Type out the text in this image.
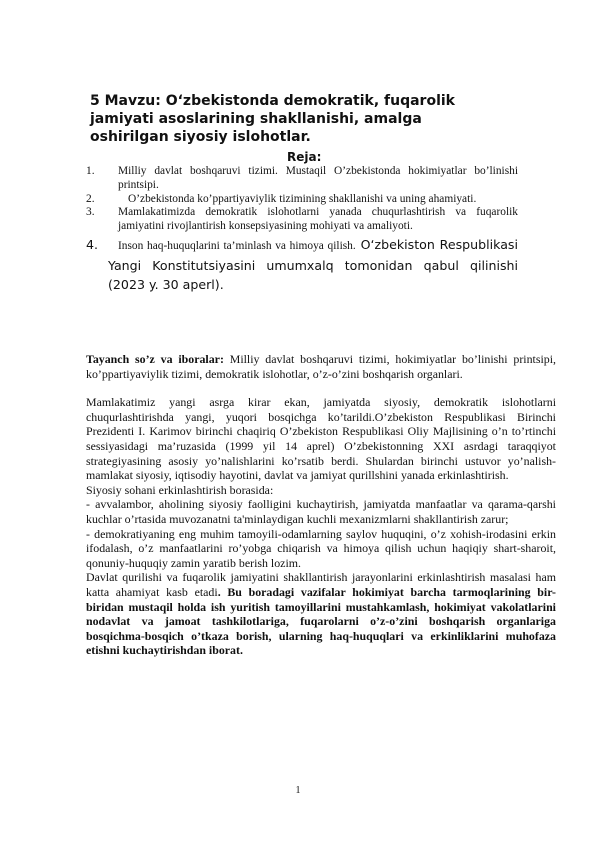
5 Mavzu: O‘zbekistonda demokratik, fuqarolik jamiyati asoslarining shakllanishi, amalga oshirilgan siyosiy islohotlar.
Reja:
1. Milliy davlat boshqaruvi tizimi. Mustaqil O’zbekistonda hokimiyatlar bo’linishi printsipi.
2.	O’zbekistonda ko’ppartiyaviylik tizimining shakllanishi va uning ahamiyati.
3. Mamlakatimizda demokratik islohotlarni yanada chuqurlashtirish va fuqarolik jamiyatini rivojlantirish konsepsiyasining mohiyati va amaliyoti.
4.	Inson haq-huquqlarini ta’minlash va himoya qilish. O‘zbekiston Respublikasi Yangi Konstitutsiyasini umumxalq tomonidan qabul qilinishi (2023 y. 30 aperl).

Tayanch so’z va iboralar: Milliy davlat boshqaruvi tizimi, hokimiyatlar bo’linishi printsipi, ko’ppartiyaviylik tizimi, demokratik islohotlar, o’z-o’zini boshqarish organlari.

Mamlakatimiz yangi asrga kirar ekan, jamiyatda siyosiy, demokratik islohotlarni chuqurlashtirishda yangi, yuqori bosqichga ko’tarildi.O’zbekiston Respublikasi Birinchi Prezidenti I. Karimov birinchi chaqiriq O’zbekiston Respublikasi Oliy Majlisining o’n to’rtinchi sessiyasidagi ma’ruzasida (1999 yil 14 aprel) O’zbekistonning XXI asrdagi taraqqiyot strategiyasining asosiy yo’nalishlarini ko’rsatib berdi. Shulardan birinchi ustuvor yo’nalish-mamlakat siyosiy, iqtisodiy hayotini, davlat va jamiyat qurillshini yanada erkinlashtirish.

Siyosiy sohani erkinlashtirish borasida:

- avvalambor, aholining siyosiy faolligini kuchaytirish, jamiyatda manfaatlar va qarama-qarshi kuchlar o’rtasida muvozanatni ta'minlaydigan kuchli mexanizmlarni shakllantirish zarur;

- demokratiyaning eng muhim tamoyili-odamlarning saylov huquqini, o’z xohish-irodasini erkin ifodalash, o’z manfaatlarini ro’yobga chiqarish va himoya qilish uchun haqiqiy shart-sharoit, qonuniy-huquqiy zamin yaratib berish lozim.

Davlat qurilishi va fuqarolik jamiyatini shakllantirish jarayonlarini erkinlashtirish masalasi ham katta ahamiyat kasb etadi. Bu boradagi vazifalar hokimiyat barcha tarmoqlarining bir-biridan mustaqil holda ish yuritish tamoyillarini mustahkamlash, hokimiyat vakolatlarini nodavlat va jamoat tashkilotlariga, fuqarolarni o’z-o’zini boshqarish organlariga bosqichma-bosqich o’tkaza borish, ularning haq-huquqlari va erkinliklarini muhofaza etishni kuchaytirishdan iborat.

1
